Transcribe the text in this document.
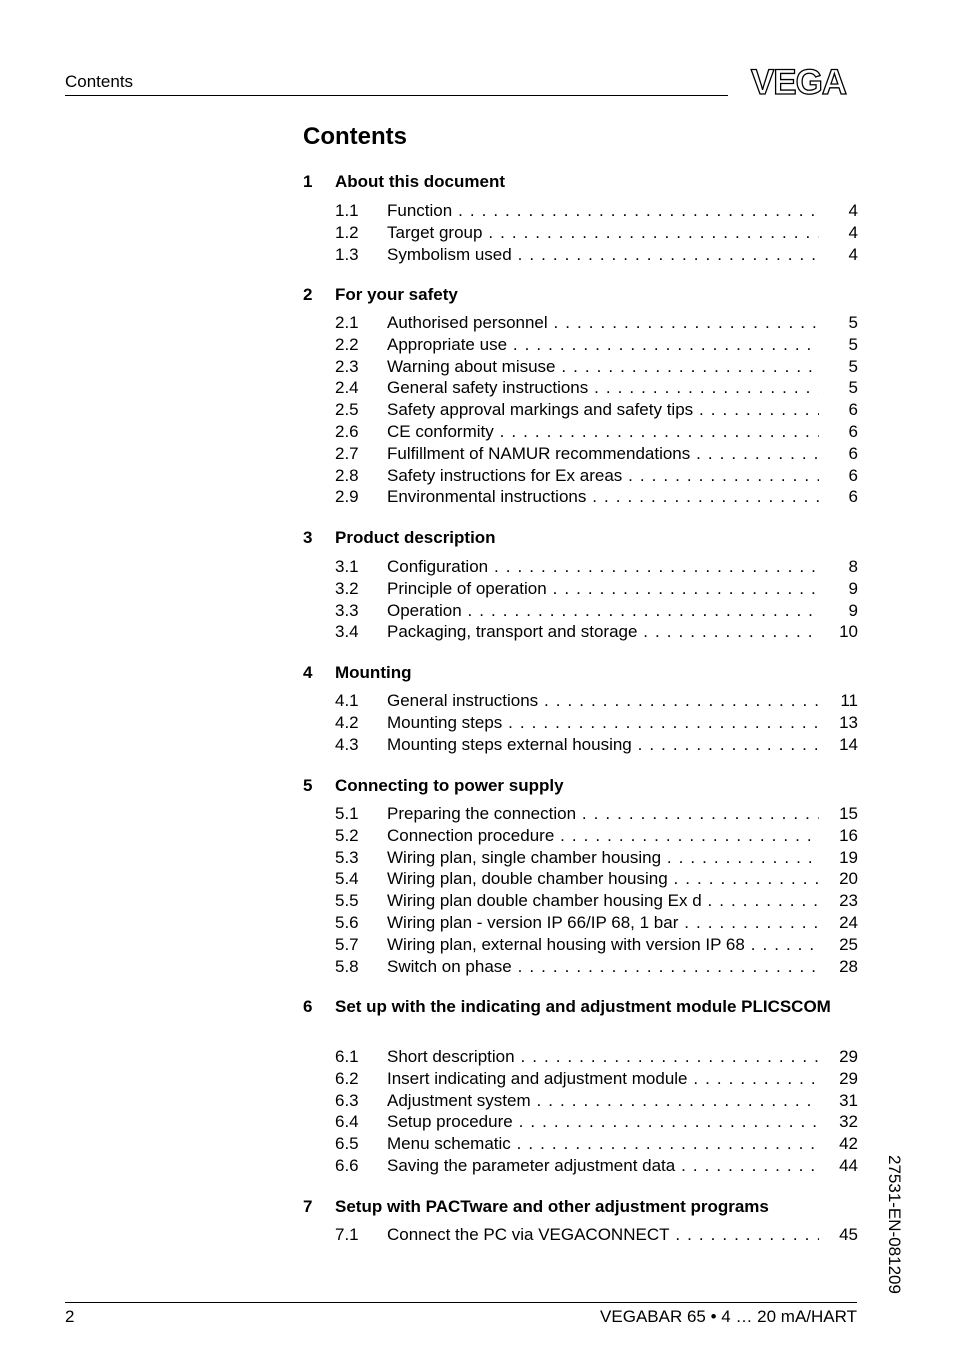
Contents	VEGA
Contents
1 About this document
1.1 Function . . .	4
1.2 Target group . . .	4
1.3 Symbolism used . . .	4
2 For your safety
2.1 Authorised personnel . . .	5
2.2 Appropriate use . . .	5
2.3 Warning about misuse . . .	5
2.4 General safety instructions . . .	5
2.5 Safety approval markings and safety tips . . .	6
2.6 CE conformity . . .	6
2.7 Fulfillment of NAMUR recommendations . . .	6
2.8 Safety instructions for Ex areas . . .	6
2.9 Environmental instructions . . .	6
3 Product description
3.1 Configuration . . .	8
3.2 Principle of operation . . .	9
3.3 Operation . . .	9
3.4 Packaging, transport and storage . . .	10
4 Mounting
4.1 General instructions . . .	11
4.2 Mounting steps . . .	13
4.3 Mounting steps external housing . . .	14
5 Connecting to power supply
5.1 Preparing the connection . . .	15
5.2 Connection procedure . . .	16
5.3 Wiring plan, single chamber housing . . .	19
5.4 Wiring plan, double chamber housing . . .	20
5.5 Wiring plan double chamber housing Ex d . . .	23
5.6 Wiring plan - version IP 66/IP 68, 1 bar . . .	24
5.7 Wiring plan, external housing with version IP 68 . . .	25
5.8 Switch on phase . . .	28
6 Set up with the indicating and adjustment module PLICSCOM
6.1 Short description . . .	29
6.2 Insert indicating and adjustment module . . .	29
6.3 Adjustment system . . .	31
6.4 Setup procedure . . .	32
6.5 Menu schematic . . .	42
6.6 Saving the parameter adjustment data . . .	44
7 Setup with PACTware and other adjustment programs
7.1 Connect the PC via VEGACONNECT . . .	45
2	VEGABAR 65 • 4 … 20 mA/HART
27531-EN-081209
